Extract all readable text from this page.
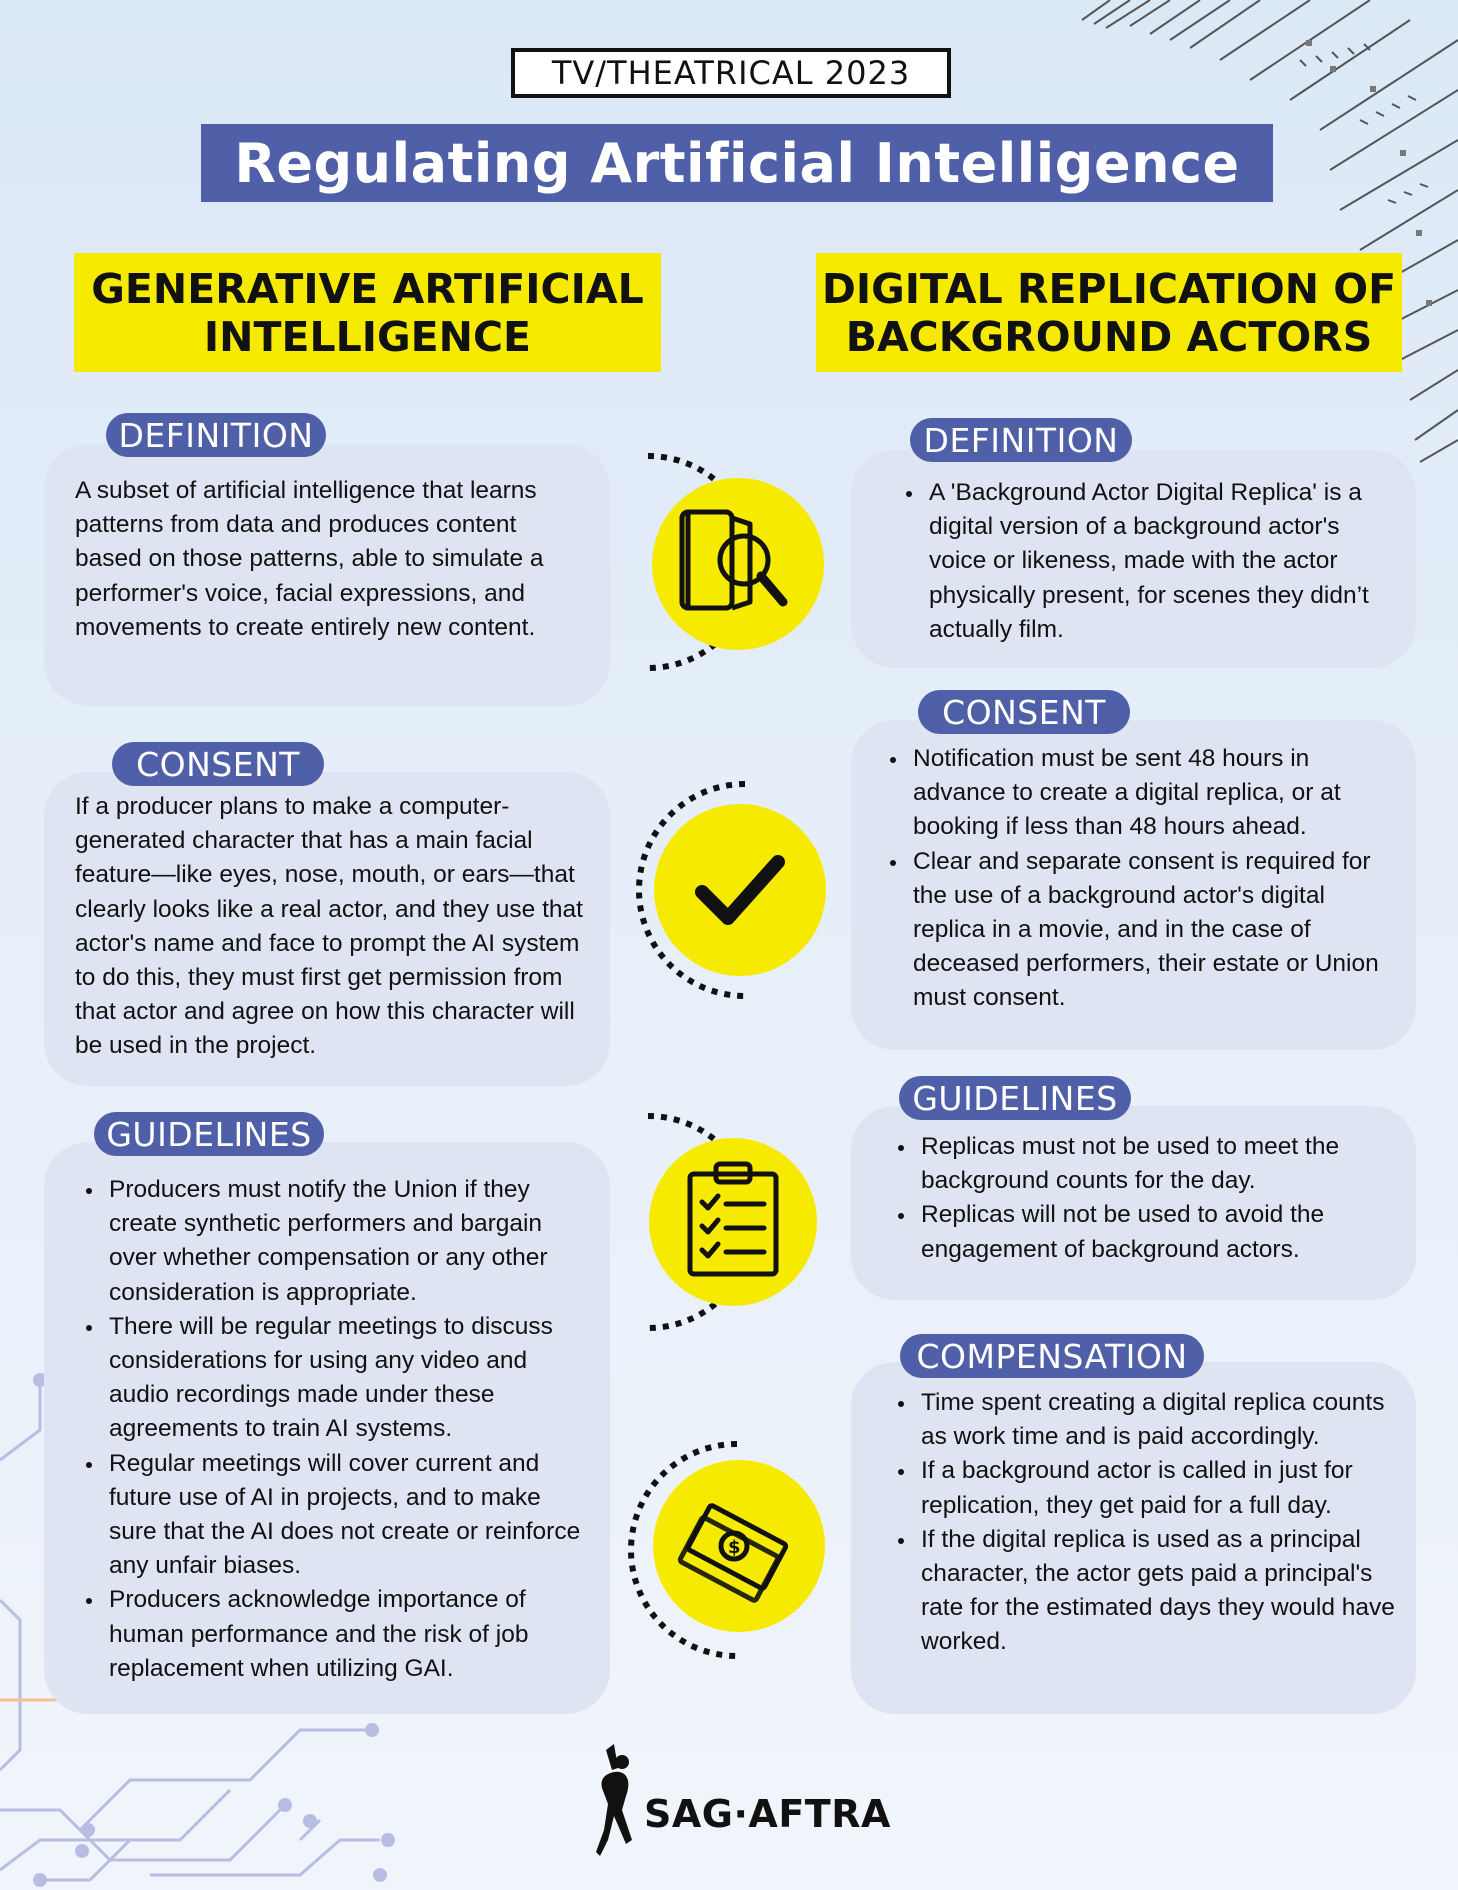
TV/THEATRICAL 2023
Regulating Artificial Intelligence
GENERATIVE ARTIFICIAL
INTELLIGENCE
DIGITAL REPLICATION OF
BACKGROUND ACTORS

A subset of artificial intelligence that learns patterns from data and produces content based on those patterns, able to simulate a performer's voice, facial expressions, and movements to create entirely new content.

DEFINITION

If a producer plans to make a computer-generated character that has a main facial feature—like eyes, nose, mouth, or ears—that clearly looks like a real actor, and they use that actor's name and face to prompt the AI system to do this, they must first get permission from that actor and agree on how this character will be used in the project.

CONSENT
Producers must notify the Union if they create synthetic performers and bargain over whether compensation or any other consideration is appropriate.
There will be regular meetings to discuss considerations for using any video and audio recordings made under these agreements to train AI systems.
Regular meetings will cover current and future use of AI in projects, and to make sure that the AI does not create or reinforce any unfair biases.
Producers acknowledge importance of human performance and the risk of job replacement when utilizing GAI.
GUIDELINES
A 'Background Actor Digital Replica' is a digital version of a background actor's voice or likeness, made with the actor physically present, for scenes they didn’t actually film.
DEFINITION
Notification must be sent 48 hours in advance to create a digital replica, or at booking if less than 48 hours ahead.
Clear and separate consent is required for the use of a background actor's digital replica in a movie, and in the case of deceased performers, their estate or Union must consent.
CONSENT
Replicas must not be used to meet the background counts for the day.
Replicas will not be used to avoid the engagement of background actors.
GUIDELINES
Time spent creating a digital replica counts as work time and is paid accordingly.
If a background actor is called in just for replication, they get paid for a full day.
If the digital replica is used as a principal character, the actor gets paid a principal's rate for the estimated days they would have worked.
COMPENSATION
$
SAG·AFTRA
